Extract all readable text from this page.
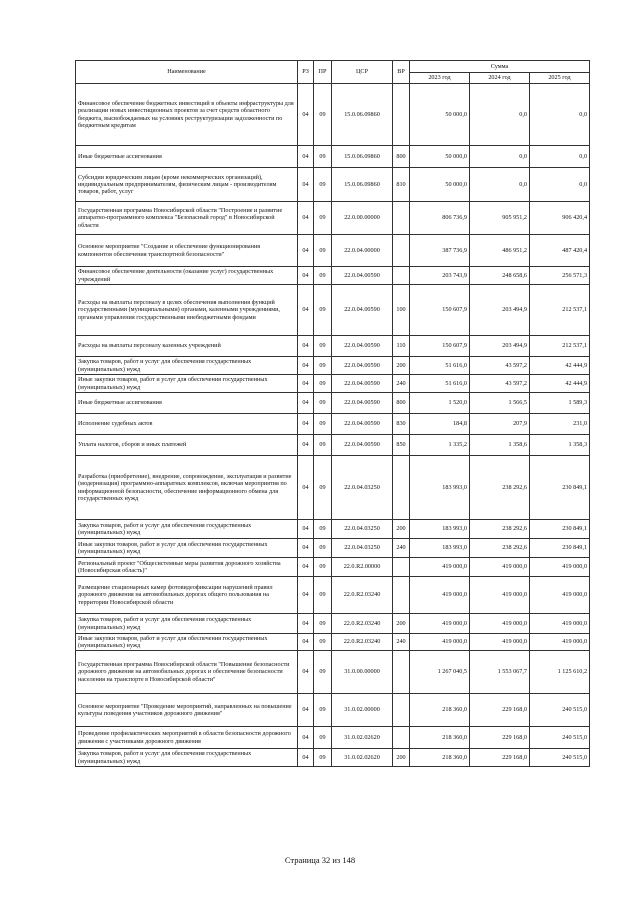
Наименование	РЗ	ПР	ЦСР	ВР	Сумма		
					2023 год	2024 год	2025 год
Финансовое обеспечение бюджетных инвестиций в объекты инфраструктуры для реализации новых инвестиционных проектов за счет средств областного бюджета, высвобождаемых на условиях реструктуризации задолженности по бюджетным кредитам	04	09	15.0.06.09860		50 000,0	0,0	0,0
Иные бюджетные ассигнования	04	09	15.0.06.09860	800	50 000,0	0,0	0,0
Субсидии юридическим лицам (кроме некоммерческих организаций), индивидуальным предпринимателям, физическим лицам - производителям товаров, работ, услуг	04	09	15.0.06.09860	810	50 000,0	0,0	0,0
Государственная программа Новосибирской области "Построение и развитие аппаратно-программного комплекса "Безопасный город" в Новосибирской области	04	09	22.0.00.00000		806 736,9	905 951,2	906 420,4
Основное мероприятие "Создание и обеспечение функционирования компонентов обеспечения транспортной безопасности"	04	09	22.0.04.00000		387 736,9	486 951,2	487 420,4
Финансовое обеспечение деятельности (оказание услуг) государственных учреждений	04	09	22.0.04.00590		203 743,9	248 658,6	256 571,3
Расходы на выплаты персоналу в целях обеспечения выполнения функций государственными (муниципальными) органами, казенными учреждениями, органами управления государственными внебюджетными фондами	04	09	22.0.04.00590	100	150 607,9	203 494,9	212 537,1
Расходы на выплаты персоналу казенных учреждений	04	09	22.0.04.00590	110	150 607,9	203 494,9	212 537,1
Закупка товаров, работ и услуг для обеспечения государственных (муниципальных) нужд	04	09	22.0.04.00590	200	51 616,0	43 597,2	42 444,9
Иные закупки товаров, работ и услуг для обеспечения государственных (муниципальных) нужд	04	09	22.0.04.00590	240	51 616,0	43 597,2	42 444,9
Иные бюджетные ассигнования	04	09	22.0.04.00590	800	1 520,0	1 566,5	1 589,3
Исполнение судебных актов	04	09	22.0.04.00590	830	184,8	207,9	231,0
Уплата налогов, сборов и иных платежей	04	09	22.0.04.00590	850	1 335,2	1 358,6	1 358,3
Разработка (приобретение), внедрение, сопровождение, эксплуатация и развитие (модернизация) программно-аппаратных комплексов, включая мероприятия по информационной безопасности, обеспечение информационного обмена для государственных нужд	04	09	22.0.04.03250		183 993,0	238 292,6	230 849,1
Закупка товаров, работ и услуг для обеспечения государственных (муниципальных) нужд	04	09	22.0.04.03250	200	183 993,0	238 292,6	230 849,1
Иные закупки товаров, работ и услуг для обеспечения государственных (муниципальных) нужд	04	09	22.0.04.03250	240	183 993,0	238 292,6	230 849,1
Региональный проект "Общесистемные меры развития дорожного хозяйства (Новосибирская область)"	04	09	22.0.R2.00000		419 000,0	419 000,0	419 000,0
Размещение стационарных камер фотовидеофиксации нарушений правил дорожного движения на автомобильных дорогах общего пользования на территории Новосибирской области	04	09	22.0.R2.03240		419 000,0	419 000,0	419 000,0
Закупка товаров, работ и услуг для обеспечения государственных (муниципальных) нужд	04	09	22.0.R2.03240	200	419 000,0	419 000,0	419 000,0
Иные закупки товаров, работ и услуг для обеспечения государственных (муниципальных) нужд	04	09	22.0.R2.03240	240	419 000,0	419 000,0	419 000,0
Государственная программа Новосибирской области "Повышение безопасности дорожного движения на автомобильных дорогах и обеспечение безопасности населения на транспорте в Новосибирской области"	04	09	31.0.00.00000		1 267 040,5	1 553 067,7	1 125 610,2
Основное мероприятие "Проведение мероприятий, направленных на повышение культуры поведения участников дорожного движения"	04	09	31.0.02.00000		218 360,0	229 168,0	240 515,0
Проведение профилактических мероприятий в области безопасности дорожного движения с участниками дорожного движения	04	09	31.0.02.02620		218 360,0	229 168,0	240 515,0
Закупка товаров, работ и услуг для обеспечения государственных (муниципальных) нужд	04	09	31.0.02.02620	200	218 360,0	229 168,0	240 515,0
Страница 32 из 148
